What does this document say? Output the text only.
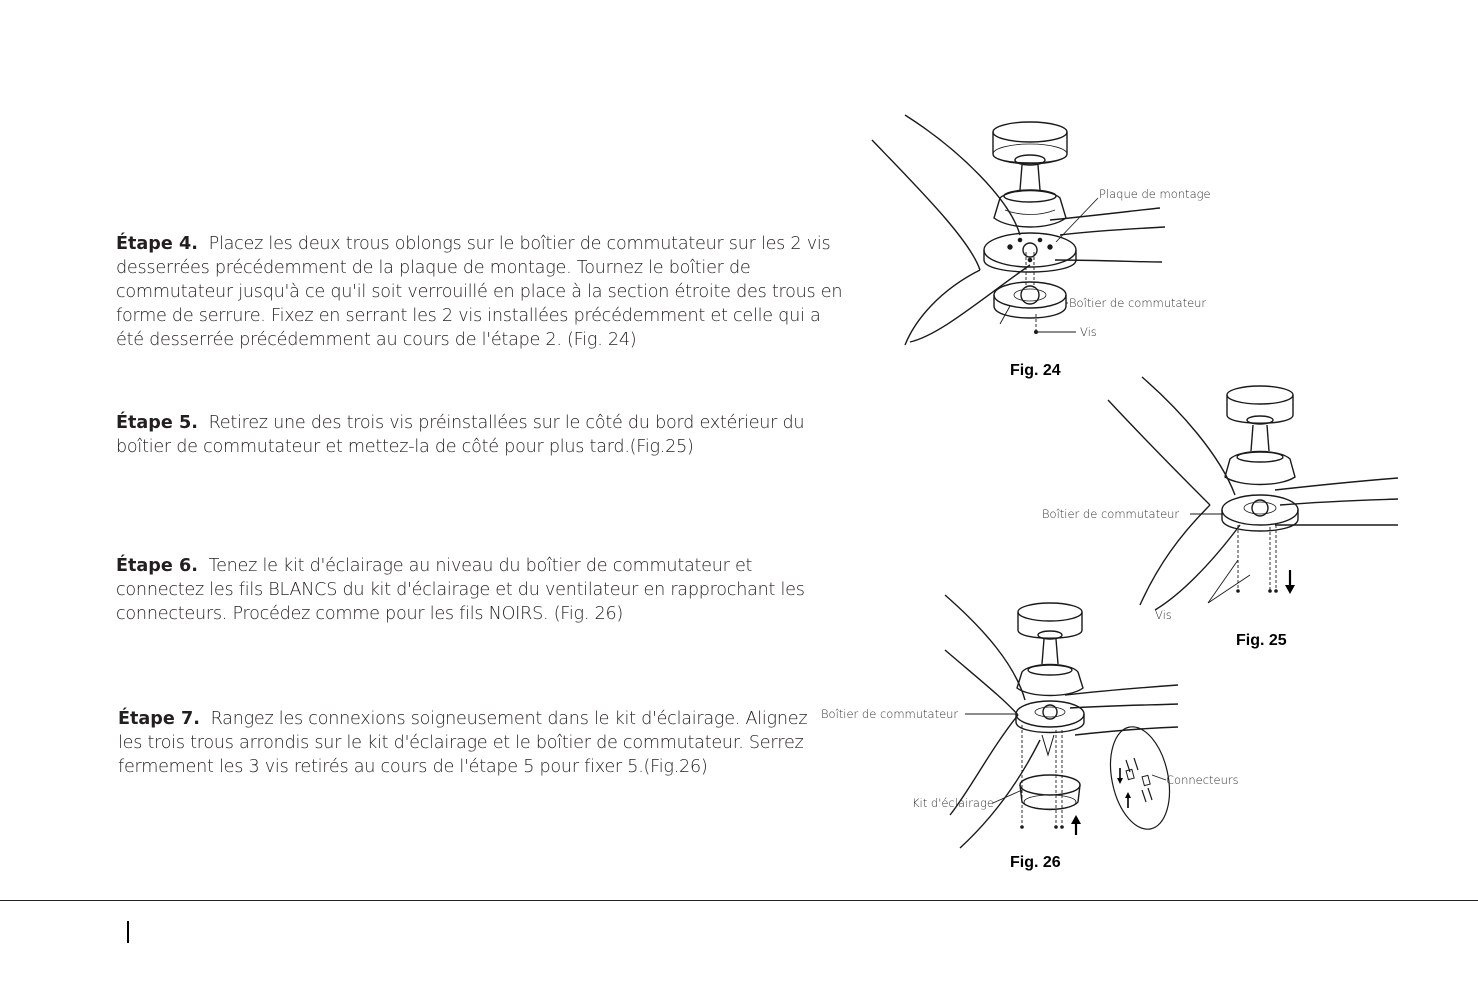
Étape 4. Placez les deux trous oblongs sur le boîtier de commutateur sur les 2 vis
desserrées précédemment de la plaque de montage. Tournez le boîtier de
commutateur jusqu'à ce qu'il soit verrouillé en place à la section étroite des trous en
forme de serrure. Fixez en serrant les 2 vis installées précédemment et celle qui a
été desserrée précédemment au cours de l'étape 2. (Fig. 24)
Étape 5. Retirez une des trois vis préinstallées sur le côté du bord extérieur du
boîtier de commutateur et mettez-la de côté pour plus tard.(Fig.25)
Étape 6. Tenez le kit d'éclairage au niveau du boîtier de commutateur et
connectez les fils BLANCS du kit d'éclairage et du ventilateur en rapprochant les
connecteurs. Procédez comme pour les fils NOIRS. (Fig. 26)
Étape 7. Rangez les connexions soigneusement dans le kit d'éclairage. Alignez
les trois trous arrondis sur le kit d'éclairage et le boîtier de commutateur. Serrez
fermement les 3 vis retirés au cours de l'étape 5 pour fixer 5.(Fig.26)
Plaque de montage
Boîtier de commutateur
Vis
Fig. 24
Boîtier de commutateur
Vis
Fig. 25
Boîtier de commutateur
Kit d'éclairage
Connecteurs
Fig. 26
